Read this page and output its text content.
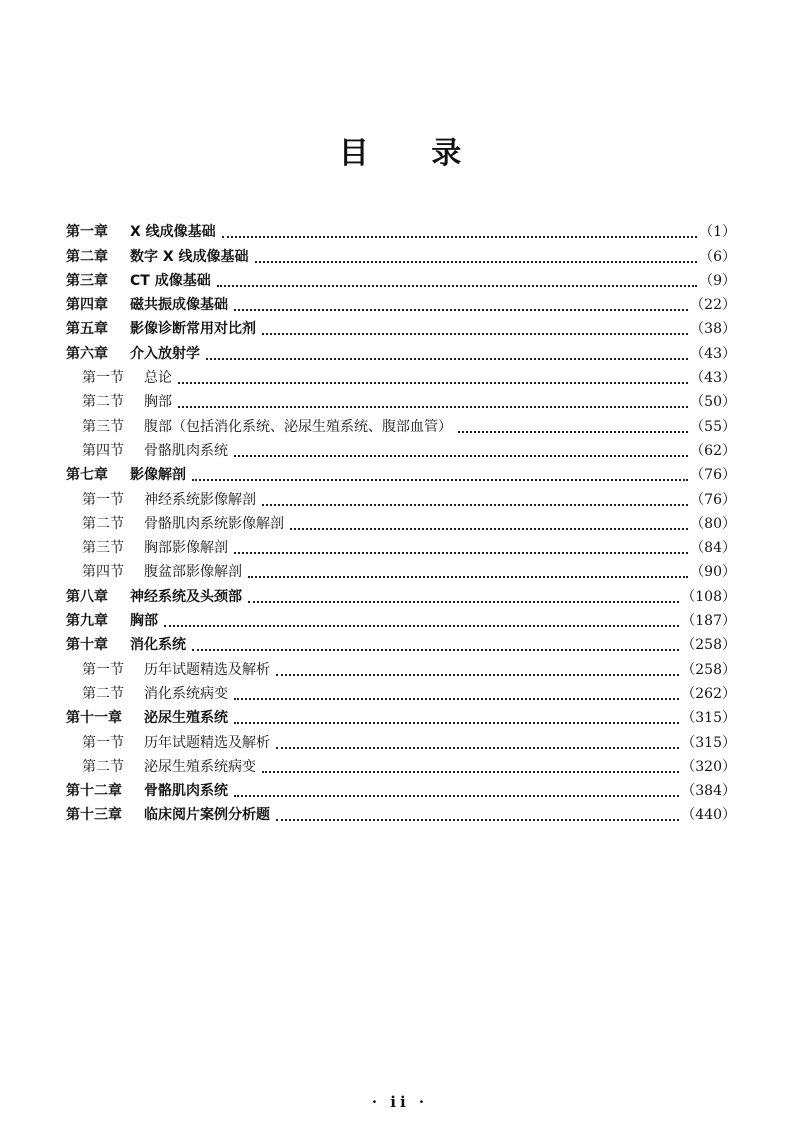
目 录
第一章	X 线成像基础	（1）
第二章	数字 X 线成像基础	（6）
第三章	CT 成像基础	（9）
第四章	磁共振成像基础	（22）
第五章	影像诊断常用对比剂	（38）
第六章	介入放射学	（43）
第一节	总论	（43）
第二节	胸部	（50）
第三节	腹部（包括消化系统、泌尿生殖系统、腹部血管）	（55）
第四节	骨骼肌肉系统	（62）
第七章	影像解剖	（76）
第一节	神经系统影像解剖	（76）
第二节	骨骼肌肉系统影像解剖	（80）
第三节	胸部影像解剖	（84）
第四节	腹盆部影像解剖	（90）
第八章	神经系统及头颈部	（108）
第九章	胸部	（187）
第十章	消化系统	（258）
第一节	历年试题精选及解析	（258）
第二节	消化系统病变	（262）
第十一章	泌尿生殖系统	（315）
第一节	历年试题精选及解析	（315）
第二节	泌尿生殖系统病变	（320）
第十二章	骨骼肌肉系统	（384）
第十三章	临床阅片案例分析题	（440）
· ii ·
